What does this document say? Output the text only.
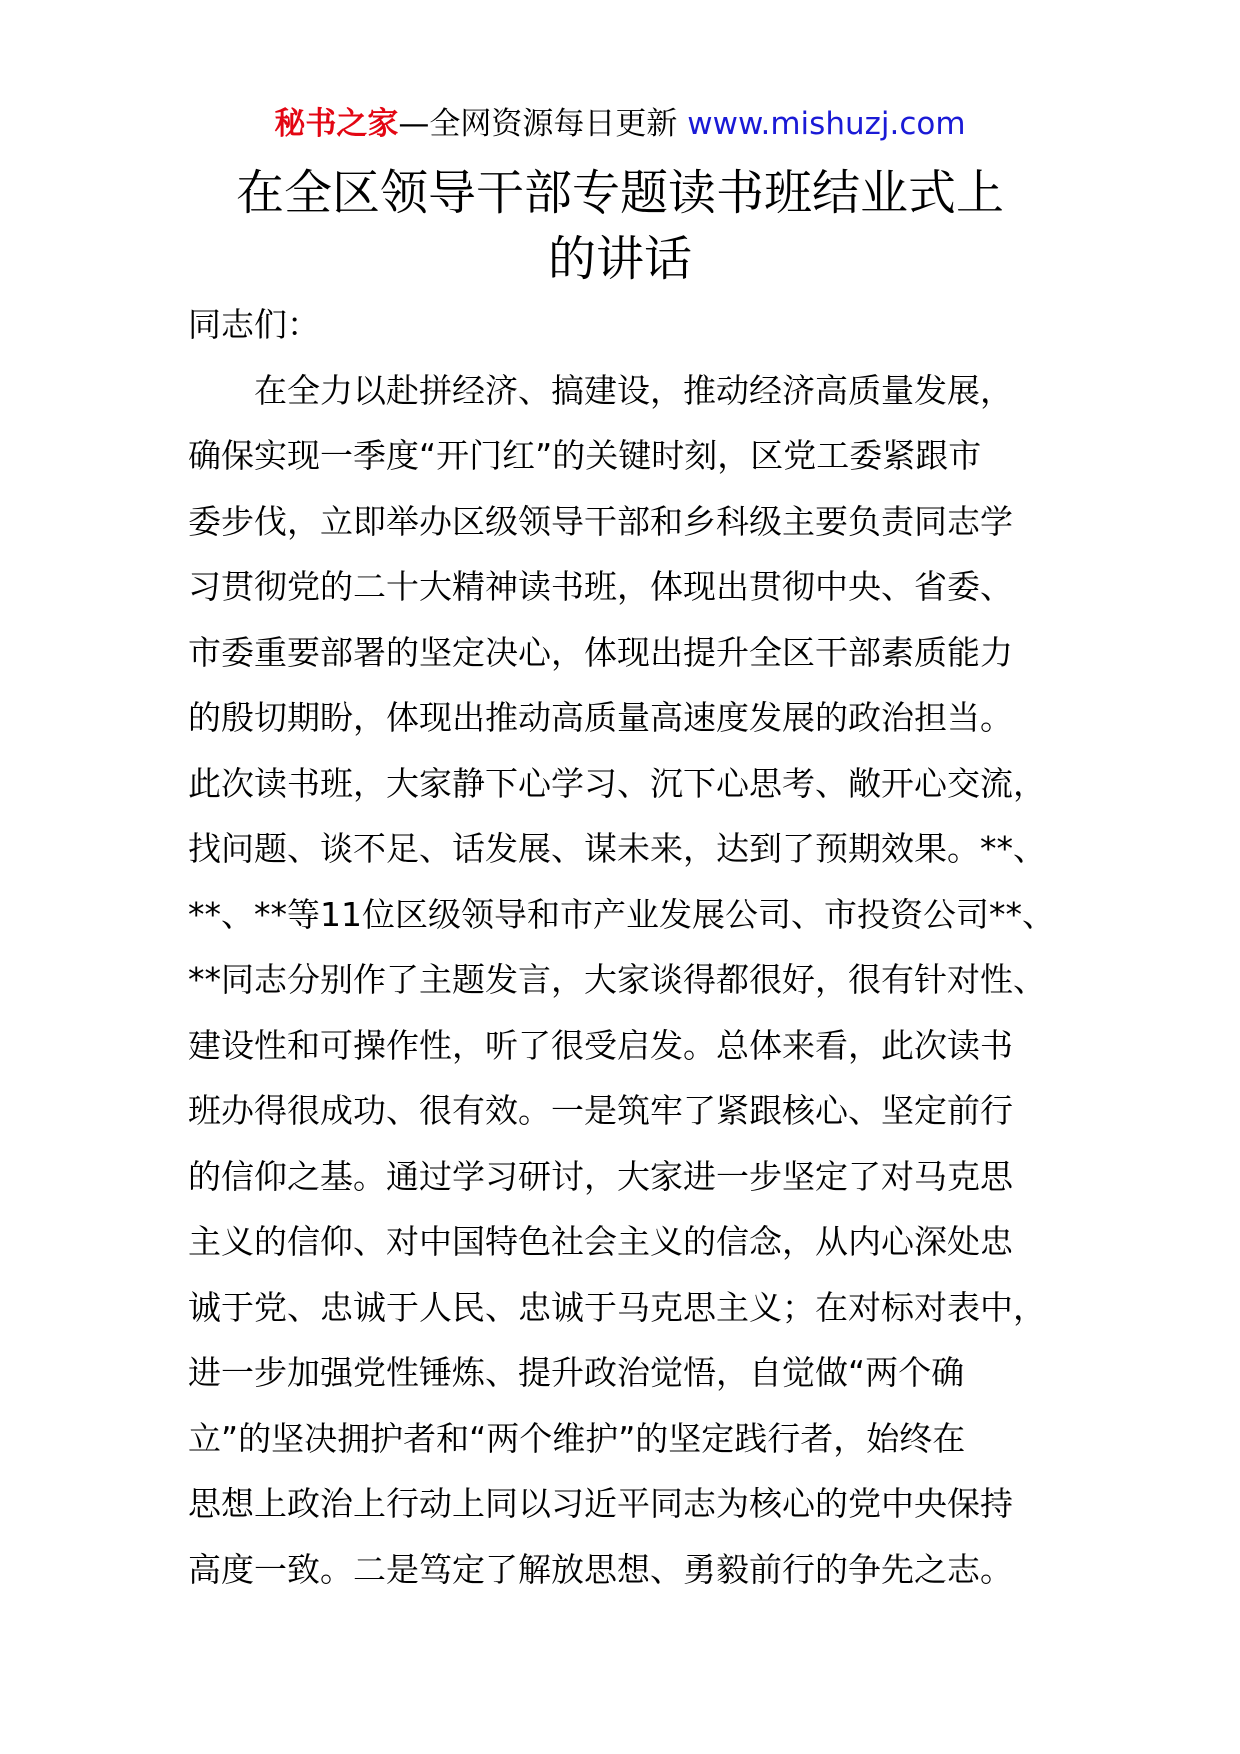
秘书之家—全网资源每日更新 www.mishuzj.com
在全区领导干部专题读书班结业式上
的讲话
同志们：
在全力以赴拼经济、搞建设，推动经济高质量发展，
确保实现一季度“开门红”的关键时刻，区党工委紧跟市
委步伐，立即举办区级领导干部和乡科级主要负责同志学
习贯彻党的二十大精神读书班，体现出贯彻中央、省委、
市委重要部署的坚定决心，体现出提升全区干部素质能力
的殷切期盼，体现出推动高质量高速度发展的政治担当。
此次读书班，大家静下心学习、沉下心思考、敞开心交流，
找问题、谈不足、话发展、谋未来，达到了预期效果。**、
**、**等11位区级领导和市产业发展公司、市投资公司**、
**同志分别作了主题发言，大家谈得都很好，很有针对性、
建设性和可操作性，听了很受启发。总体来看，此次读书
班办得很成功、很有效。一是筑牢了紧跟核心、坚定前行
的信仰之基。通过学习研讨，大家进一步坚定了对马克思
主义的信仰、对中国特色社会主义的信念，从内心深处忠
诚于党、忠诚于人民、忠诚于马克思主义；在对标对表中，
进一步加强党性锤炼、提升政治觉悟，自觉做“两个确
立”的坚决拥护者和“两个维护”的坚定践行者，始终在
思想上政治上行动上同以习近平同志为核心的党中央保持
高度一致。二是笃定了解放思想、勇毅前行的争先之志。
